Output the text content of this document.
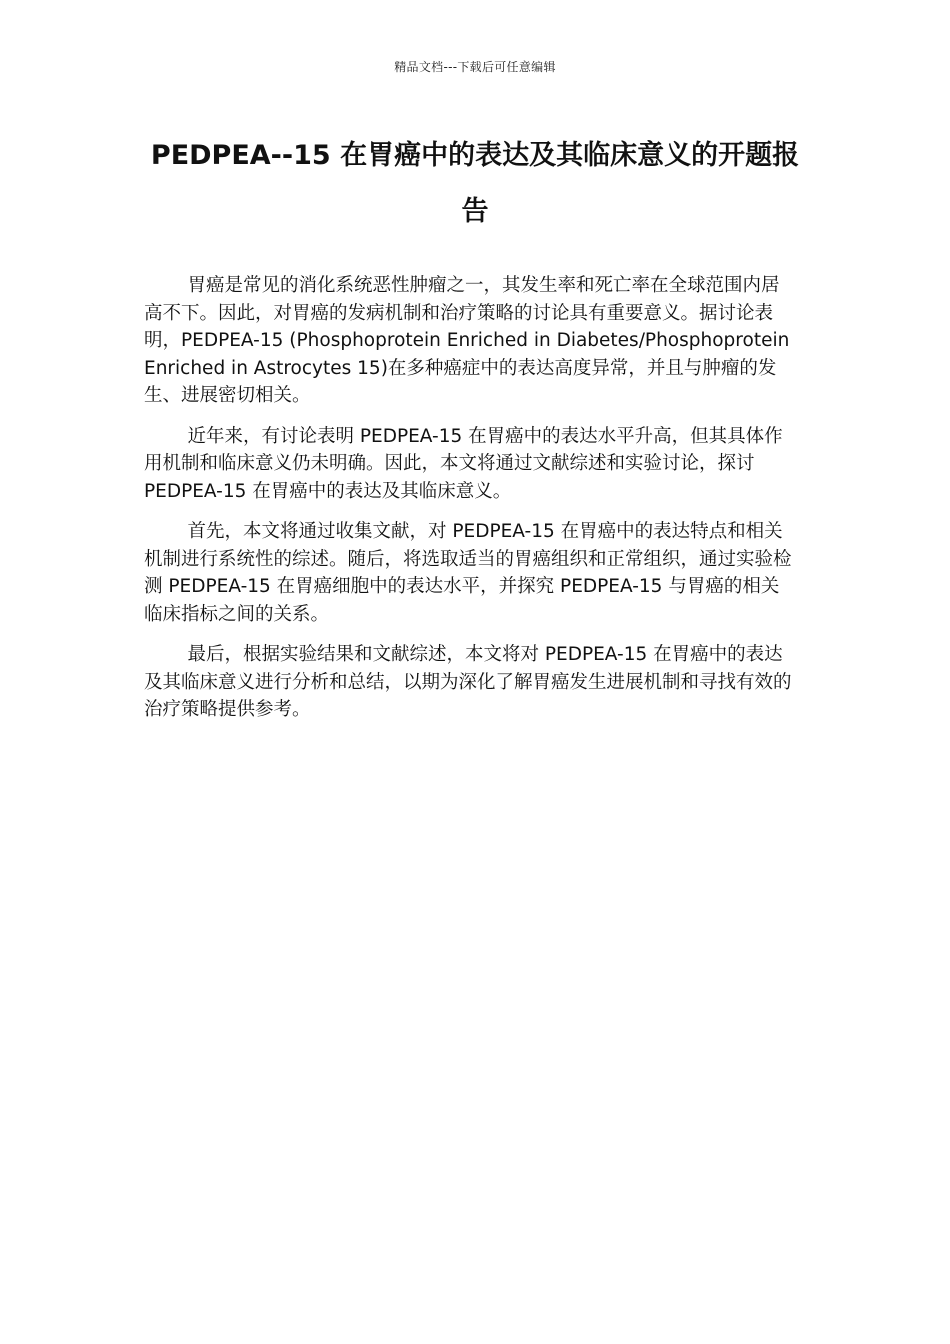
精品文档---下载后可任意编辑
PEDPEA--15 在胃癌中的表达及其临床意义的开题报告

胃癌是常见的消化系统恶性肿瘤之一，其发生率和死亡率在全球范围内居高不下。因此，对胃癌的发病机制和治疗策略的讨论具有重要意义。据讨论表明，PEDPEA-15 (Phosphoprotein Enriched in Diabetes/Phosphoprotein Enriched in Astrocytes 15)在多种癌症中的表达高度异常，并且与肿瘤的发生、进展密切相关。

近年来，有讨论表明 PEDPEA-15 在胃癌中的表达水平升高，但其具体作用机制和临床意义仍未明确。因此，本文将通过文献综述和实验讨论，探讨 PEDPEA-15 在胃癌中的表达及其临床意义。

首先，本文将通过收集文献，对 PEDPEA-15 在胃癌中的表达特点和相关机制进行系统性的综述。随后，将选取适当的胃癌组织和正常组织，通过实验检测 PEDPEA-15 在胃癌细胞中的表达水平，并探究 PEDPEA-15 与胃癌的相关临床指标之间的关系。

最后，根据实验结果和文献综述，本文将对 PEDPEA-15 在胃癌中的表达及其临床意义进行分析和总结，以期为深化了解胃癌发生进展机制和寻找有效的治疗策略提供参考。
